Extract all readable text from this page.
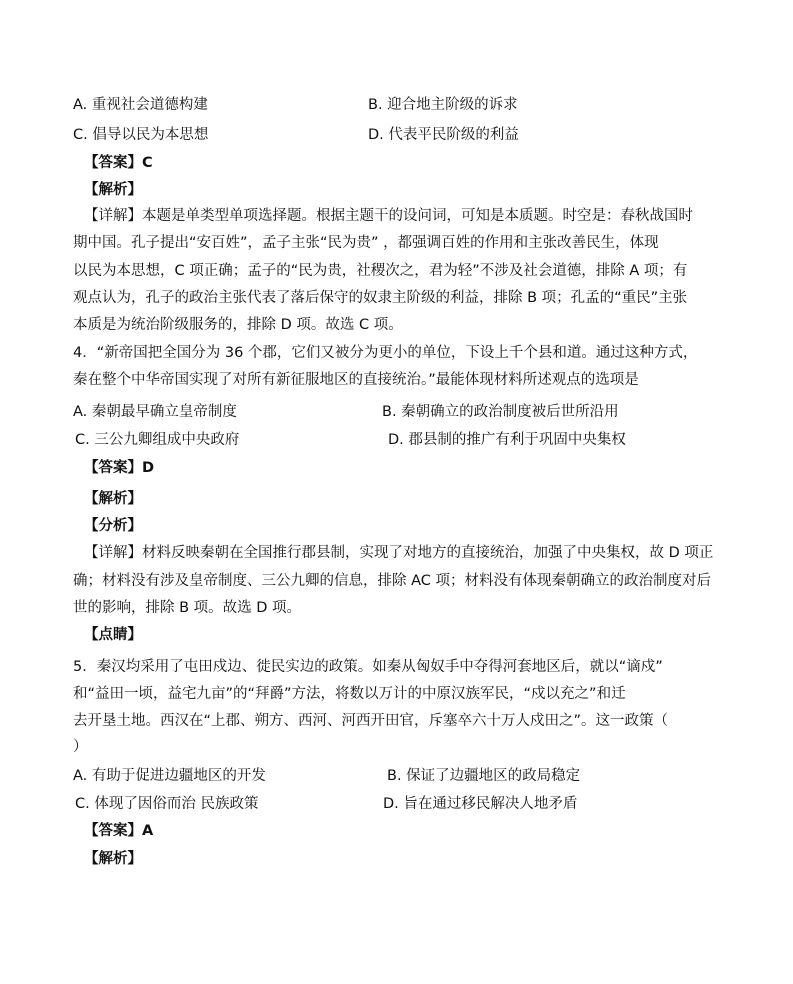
A. 重视社会道德构建	B. 迎合地主阶级的诉求
C. 倡导以民为本思想	D. 代表平民阶级的利益
【答案】C
【解析】
【详解】本题是单类型单项选择题。根据主题干的设问词，可知是本质题。时空是：春秋战国时
期中国。孔子提出“安百姓”，孟子主张“民为贵” ，都强调百姓的作用和主张改善民生，体现
以民为本思想，C 项正确；孟子的“民为贵，社稷次之，君为轻”不涉及社会道德，排除 A 项；有
观点认为，孔子的政治主张代表了落后保守的奴隶主阶级的利益，排除 B 项；孔孟的“重民”主张
本质是为统治阶级服务的，排除 D 项。故选 C 项。
4．“新帝国把全国分为 36 个郡，它们又被分为更小的单位，下设上千个县和道。通过这种方式，
秦在整个中华帝国实现了对所有新征服地区的直接统治。”最能体现材料所述观点的选项是
A. 秦朝最早确立皇帝制度	B. 秦朝确立的政治制度被后世所沿用
C. 三公九卿组成中央政府	D. 郡县制的推广有利于巩固中央集权
【答案】D
【解析】
【分析】
【详解】材料反映秦朝在全国推行郡县制，实现了对地方的直接统治，加强了中央集权，故 D 项正
确；材料没有涉及皇帝制度、三公九卿的信息，排除 AC 项；材料没有体现秦朝确立的政治制度对后
世的影响，排除 B 项。故选 D 项。
【点睛】
5．秦汉均采用了屯田戍边、徙民实边的政策。如秦从匈奴手中夺得河套地区后，就以“谪戍”
和“益田一顷，益宅九亩”的“拜爵”方法，将数以万计的中原汉族军民，“戍以充之”和迁
去开垦土地。西汉在“上郡、朔方、西河、河西开田官，斥塞卒六十万人戍田之”。这一政策（
）
A. 有助于促进边疆地区的开发	B. 保证了边疆地区的政局稳定
C. 体现了因俗而治 民族政策	D. 旨在通过移民解决人地矛盾
【答案】A
【解析】
